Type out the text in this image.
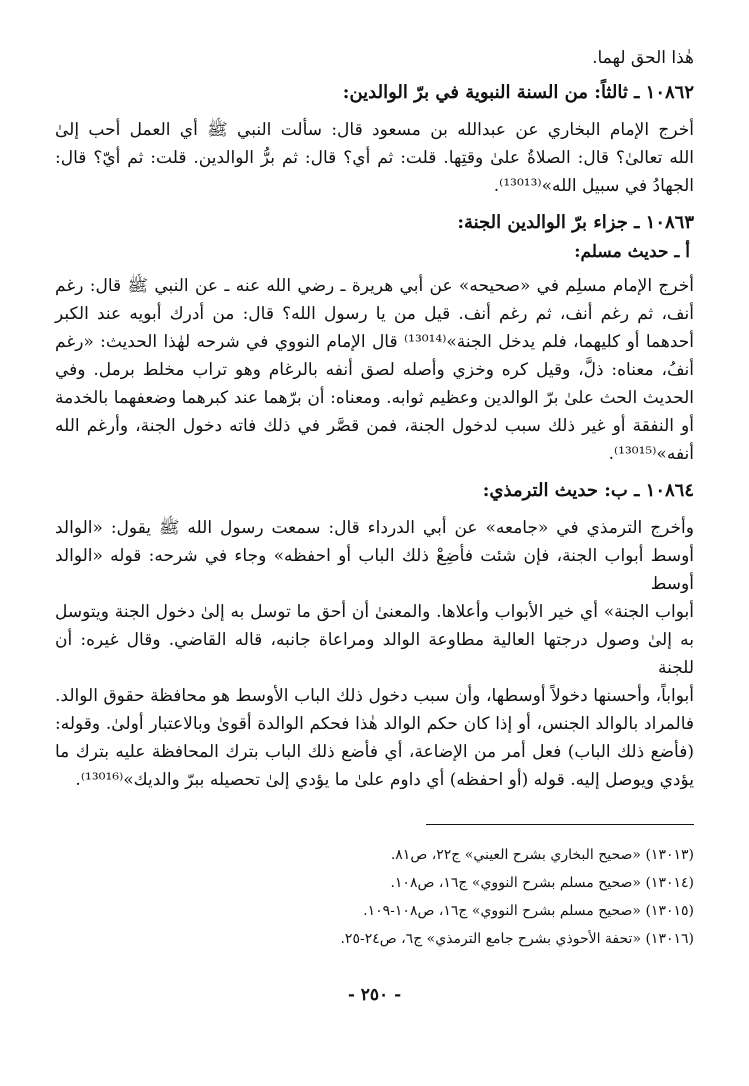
هٰذا الحق لهما.
١٠٨٦٢ ـ ثالثاً: من السنة النبوية في برّ الوالدين:
أخرج الإمام البخاري عن عبدالله بن مسعود قال: سألت النبي ﷺ أي العمل أحب إلىٰ
الله تعالىٰ؟ قال: الصلاةُ علىٰ وقتِها. قلت: ثم أي؟ قال: ثم برُّ الوالدين. قلت: ثم أيّ؟ قال:
الجهادُ في سبيل الله»⁽¹³⁰¹³⁾.
١٠٨٦٣ ـ جزاء برّ الوالدين الجنة:
أ ـ حديث مسلم:
أخرج الإمام مسلِم في «صحيحه» عن أبي هريرة ـ رضي الله عنه ـ عن النبي ﷺ قال: رغم
أنف، ثم رغم أنف، ثم رغم أنف. قيل من يا رسول الله؟ قال: من أدرك أبويه عند الكبر
أحدهما أو كليهما، فلم يدخل الجنة»⁽¹³⁰¹⁴⁾ قال الإمام النووي في شرحه لهٰذا الحديث: «رغم
أنفُ، معناه: ذلَّ، وقيل كره وخزي وأصله لصق أنفه بالرغام وهو تراب مخلط برمل. وفي
الحديث الحث علىٰ برّ الوالدين وعظيم ثوابه. ومعناه: أن برّهما عند كبرهما وضعفهما بالخدمة
أو النفقة أو غير ذلك سبب لدخول الجنة، فمن قصَّر في ذلك فاته دخول الجنة، وأرغم الله
أنفه»⁽¹³⁰¹⁵⁾.
١٠٨٦٤ ـ ب: حديث الترمذي:
وأخرج الترمذي في «جامعه» عن أبي الدرداء قال: سمعت رسول الله ﷺ يقول: «الوالد
أوسط أبواب الجنة، فإن شئت فأضِعْ ذلك الباب أو احفظه» وجاء في شرحه: قوله «الوالد أوسط
أبواب الجنة» أي خير الأبواب وأعلاها. والمعنىٰ أن أحق ما توسل به إلىٰ دخول الجنة ويتوسل
به إلىٰ وصول درجتها العالية مطاوعة الوالد ومراعاة جانبه، قاله القاضي. وقال غيره: أن للجنة
أبواباً، وأحسنها دخولاً أوسطها، وأن سبب دخول ذلك الباب الأوسط هو محافظة حقوق الوالد.
فالمراد بالوالد الجنس، أو إذا كان حكم الوالد هٰذا فحكم الوالدة أقوىٰ وبالاعتبار أولىٰ. وقوله:
(فأضع ذلك الباب) فعل أمر من الإضاعة، أي فأضع ذلك الباب بترك المحافظة عليه بترك ما
يؤدي ويوصل إليه. قوله (أو احفظه) أي داوم علىٰ ما يؤدي إلىٰ تحصيله ببرّ والديك»⁽¹³⁰¹⁶⁾.

(١٣٠١٣) «صحيح البخاري بشرح العيني» ج٢٢، ص٨١.

(١٣٠١٤) «صحيح مسلم بشرح النووي» ج١٦، ص١٠٨.

(١٣٠١٥) «صحيح مسلم بشرح النووي» ج١٦، ص١٠٨-١٠٩.

(١٣٠١٦) «تحفة الأحوذي بشرح جامع الترمذي» ج٦، ص٢٤-٢٥.

- ٢٥٠ -
